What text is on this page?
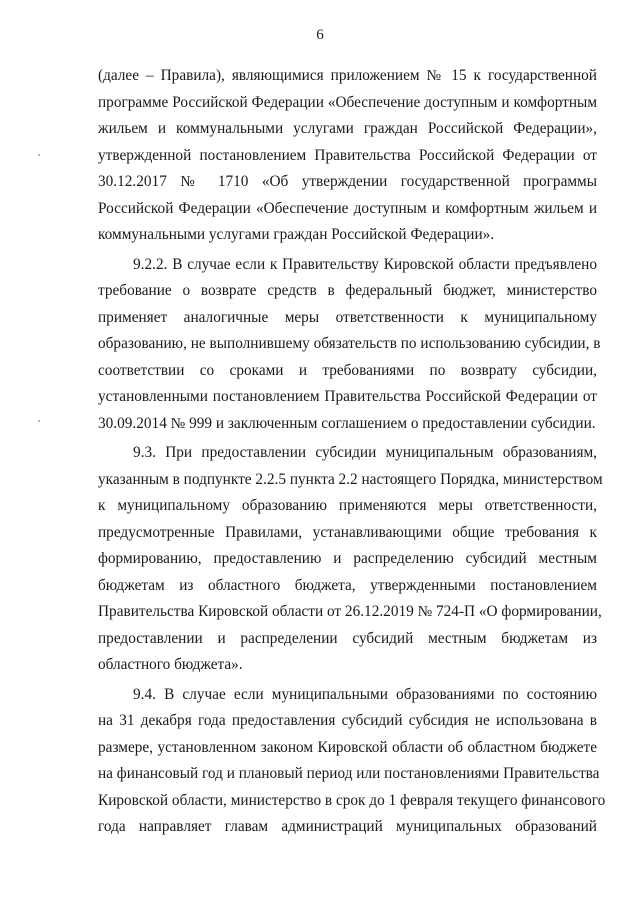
6
(далее – Правила), являющимися приложением № 15 к государственной
программе Российской Федерации «Обеспечение доступным и комфортным
жильем и коммунальными услугами граждан Российской Федерации»,
утвержденной постановлением Правительства Российской Федерации от
30.12.2017 № 1710 «Об утверждении государственной программы
Российской Федерации «Обеспечение доступным и комфортным жильем и
коммунальными услугами граждан Российской Федерации».
9.2.2. В случае если к Правительству Кировской области предъявлено
требование о возврате средств в федеральный бюджет, министерство
применяет аналогичные меры ответственности к муниципальному
образованию, не выполнившему обязательств по использованию субсидии, в
соответствии со сроками и требованиями по возврату субсидии,
установленными постановлением Правительства Российской Федерации от
30.09.2014 № 999 и заключенным соглашением о предоставлении субсидии.
9.3. При предоставлении субсидии муниципальным образованиям,
указанным в подпункте 2.2.5 пункта 2.2 настоящего Порядка, министерством
к муниципальному образованию применяются меры ответственности,
предусмотренные Правилами, устанавливающими общие требования к
формированию, предоставлению и распределению субсидий местным
бюджетам из областного бюджета, утвержденными постановлением
Правительства Кировской области от 26.12.2019 № 724-П «О формировании,
предоставлении и распределении субсидий местным бюджетам из
областного бюджета».
9.4. В случае если муниципальными образованиями по состоянию
на 31 декабря года предоставления субсидий субсидия не использована в
размере, установленном законом Кировской области об областном бюджете
на финансовый год и плановый период или постановлениями Правительства
Кировской области, министерство в срок до 1 февраля текущего финансового
года направляет главам администраций муниципальных образований
